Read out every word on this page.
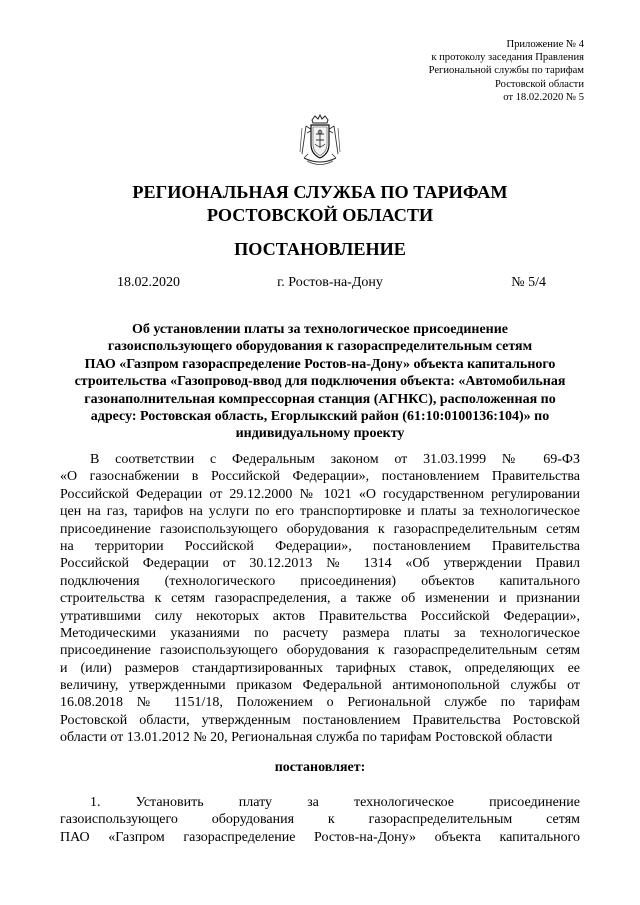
Приложение № 4
к протоколу заседания Правления
Региональной службы по тарифам
Ростовской области
от 18.02.2020 № 5
РЕГИОНАЛЬНАЯ СЛУЖБА ПО ТАРИФАМ
РОСТОВСКОЙ ОБЛАСТИ
ПОСТАНОВЛЕНИЕ
18.02.2020	г. Ростов-на-Дону	№ 5/4
Об установлении платы за технологическое присоединение
газоиспользующего оборудования к газораспределительным сетям
ПАО «Газпром газораспределение Ростов-на-Дону» объекта капитального
строительства «Газопровод-ввод для подключения объекта: «Автомобильная
газонаполнительная компрессорная станция (АГНКС), расположенная по
адресу: Ростовская область, Егорлыкский район (61:10:0100136:104)» по
индивидуальному проекту
В соответствии с Федеральным законом от 31.03.1999 № 69-ФЗ
«О газоснабжении в Российской Федерации», постановлением Правительства
Российской Федерации от 29.12.2000 № 1021 «О государственном регулировании
цен на газ, тарифов на услуги по его транспортировке и платы за технологическое
присоединение газоиспользующего оборудования к газораспределительным сетям
на территории Российской Федерации», постановлением Правительства
Российской Федерации от 30.12.2013 № 1314 «Об утверждении Правил
подключения (технологического присоединения) объектов капитального
строительства к сетям газораспределения, а также об изменении и признании
утратившими силу некоторых актов Правительства Российской Федерации»,
Методическими указаниями по расчету размера платы за технологическое
присоединение газоиспользующего оборудования к газораспределительным сетям
и (или) размеров стандартизированных тарифных ставок, определяющих ее
величину, утвержденными приказом Федеральной антимонопольной службы от
16.08.2018 № 1151/18, Положением о Региональной службе по тарифам
Ростовской области, утвержденным постановлением Правительства Ростовской
области от 13.01.2012 № 20, Региональная служба по тарифам Ростовской области
постановляет:
1. Установить плату за технологическое присоединение
газоиспользующего оборудования к газораспределительным сетям
ПАО «Газпром газораспределение Ростов-на-Дону» объекта капитального
